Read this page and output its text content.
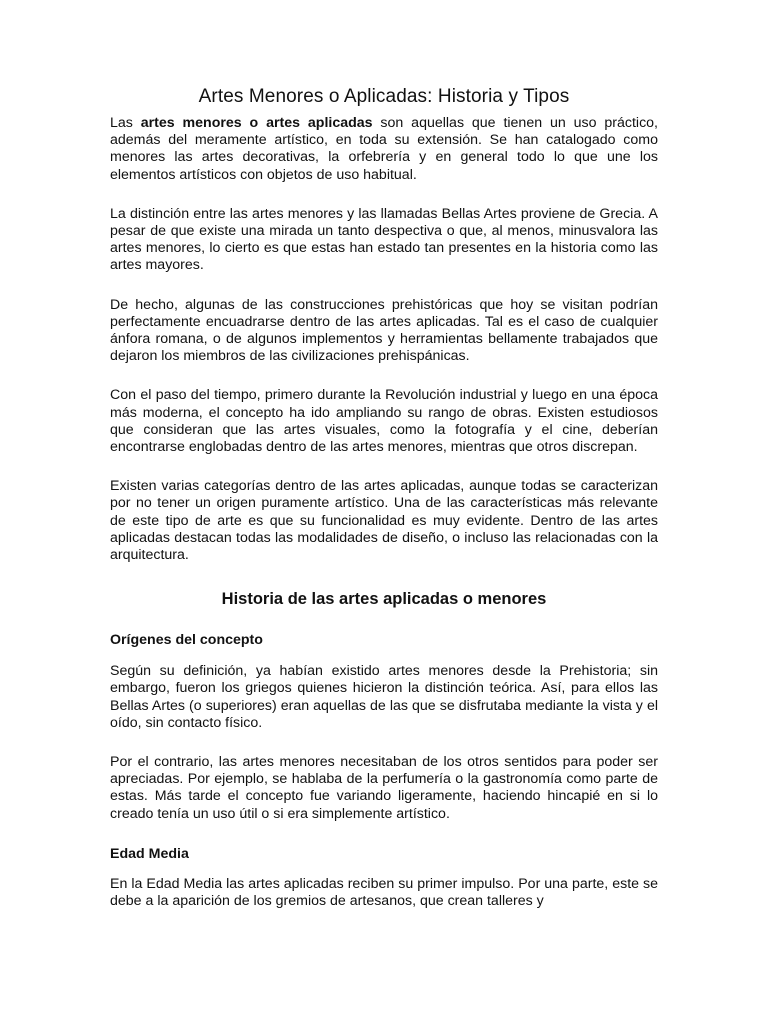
Artes Menores o Aplicadas: Historia y Tipos

Las artes menores o artes aplicadas son aquellas que tienen un uso práctico, además del meramente artístico, en toda su extensión. Se han catalogado como menores las artes decorativas, la orfebrería y en general todo lo que une los elementos artísticos con objetos de uso habitual.

La distinción entre las artes menores y las llamadas Bellas Artes proviene de Grecia. A pesar de que existe una mirada un tanto despectiva o que, al menos, minusvalora las artes menores, lo cierto es que estas han estado tan presentes en la historia como las artes mayores.

De hecho, algunas de las construcciones prehistóricas que hoy se visitan podrían perfectamente encuadrarse dentro de las artes aplicadas. Tal es el caso de cualquier ánfora romana, o de algunos implementos y herramientas bellamente trabajados que dejaron los miembros de las civilizaciones prehispánicas.

Con el paso del tiempo, primero durante la Revolución industrial y luego en una época más moderna, el concepto ha ido ampliando su rango de obras. Existen estudiosos que consideran que las artes visuales, como la fotografía y el cine, deberían encontrarse englobadas dentro de las artes menores, mientras que otros discrepan.

Existen varias categorías dentro de las artes aplicadas, aunque todas se caracterizan por no tener un origen puramente artístico. Una de las características más relevante de este tipo de arte es que su funcionalidad es muy evidente. Dentro de las artes aplicadas destacan todas las modalidades de diseño, o incluso las relacionadas con la arquitectura.

Historia de las artes aplicadas o menores
Orígenes del concepto

Según su definición, ya habían existido artes menores desde la Prehistoria; sin embargo, fueron los griegos quienes hicieron la distinción teórica. Así, para ellos las Bellas Artes (o superiores) eran aquellas de las que se disfrutaba mediante la vista y el oído, sin contacto físico.

Por el contrario, las artes menores necesitaban de los otros sentidos para poder ser apreciadas. Por ejemplo, se hablaba de la perfumería o la gastronomía como parte de estas. Más tarde el concepto fue variando ligeramente, haciendo hincapié en si lo creado tenía un uso útil o si era simplemente artístico.

Edad Media

En la Edad Media las artes aplicadas reciben su primer impulso. Por una parte, este se debe a la aparición de los gremios de artesanos, que crean talleres y
